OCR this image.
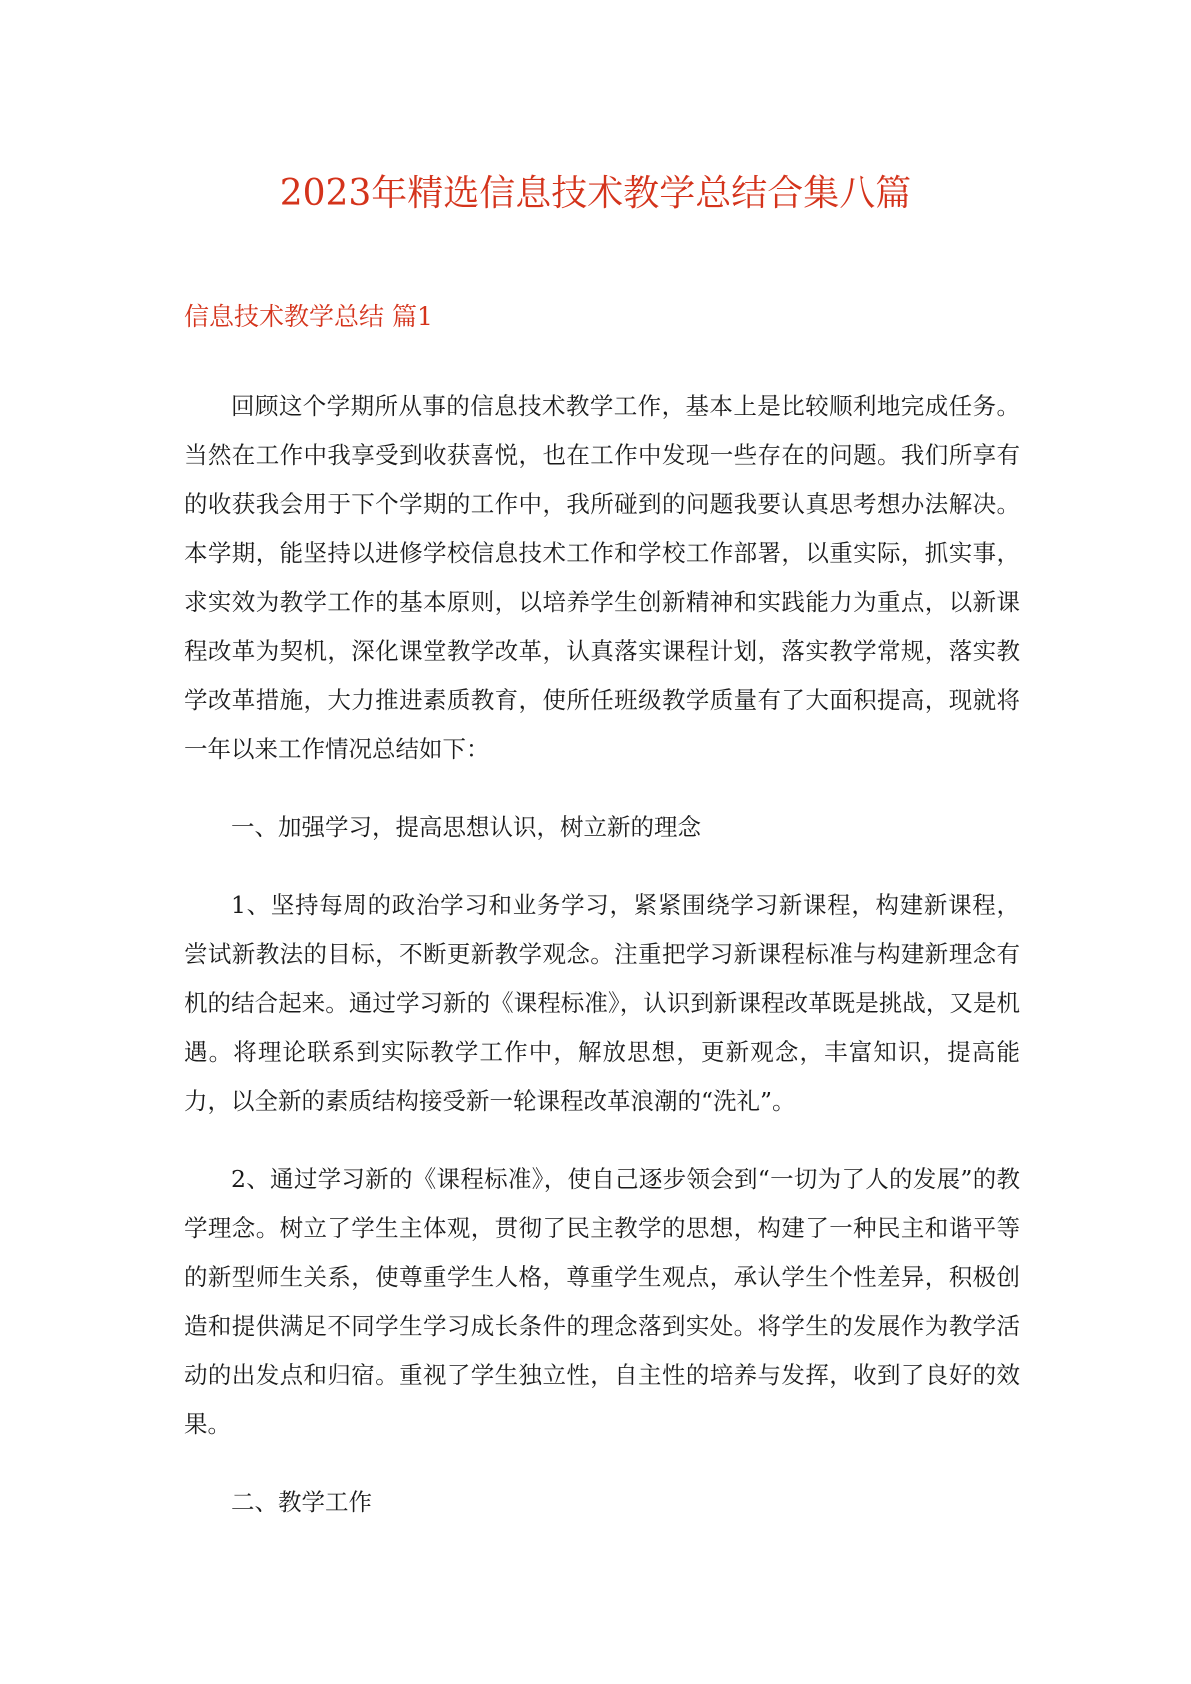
2023年精选信息技术教学总结合集八篇
信息技术教学总结 篇1

回顾这个学期所从事的信息技术教学工作，基本上是比较顺利地完成任务。当然在工作中我享受到收获喜悦，也在工作中发现一些存在的问题。我们所享有的收获我会用于下个学期的工作中，我所碰到的问题我要认真思考想办法解决。本学期，能坚持以进修学校信息技术工作和学校工作部署，以重实际，抓实事，求实效为教学工作的基本原则，以培养学生创新精神和实践能力为重点，以新课程改革为契机，深化课堂教学改革，认真落实课程计划，落实教学常规，落实教学改革措施，大力推进素质教育，使所任班级教学质量有了大面积提高，现就将一年以来工作情况总结如下：

一、加强学习，提高思想认识，树立新的理念

1、坚持每周的政治学习和业务学习，紧紧围绕学习新课程，构建新课程，尝试新教法的目标，不断更新教学观念。注重把学习新课程标准与构建新理念有机的结合起来。通过学习新的《课程标准》，认识到新课程改革既是挑战，又是机遇。将理论联系到实际教学工作中，解放思想，更新观念，丰富知识，提高能力，以全新的素质结构接受新一轮课程改革浪潮的“洗礼”。

2、通过学习新的《课程标准》，使自己逐步领会到“一切为了人的发展”的教学理念。树立了学生主体观，贯彻了民主教学的思想，构建了一种民主和谐平等的新型师生关系，使尊重学生人格，尊重学生观点，承认学生个性差异，积极创造和提供满足不同学生学习成长条件的理念落到实处。将学生的发展作为教学活动的出发点和归宿。重视了学生独立性，自主性的培养与发挥，收到了良好的效果。

二、教学工作
